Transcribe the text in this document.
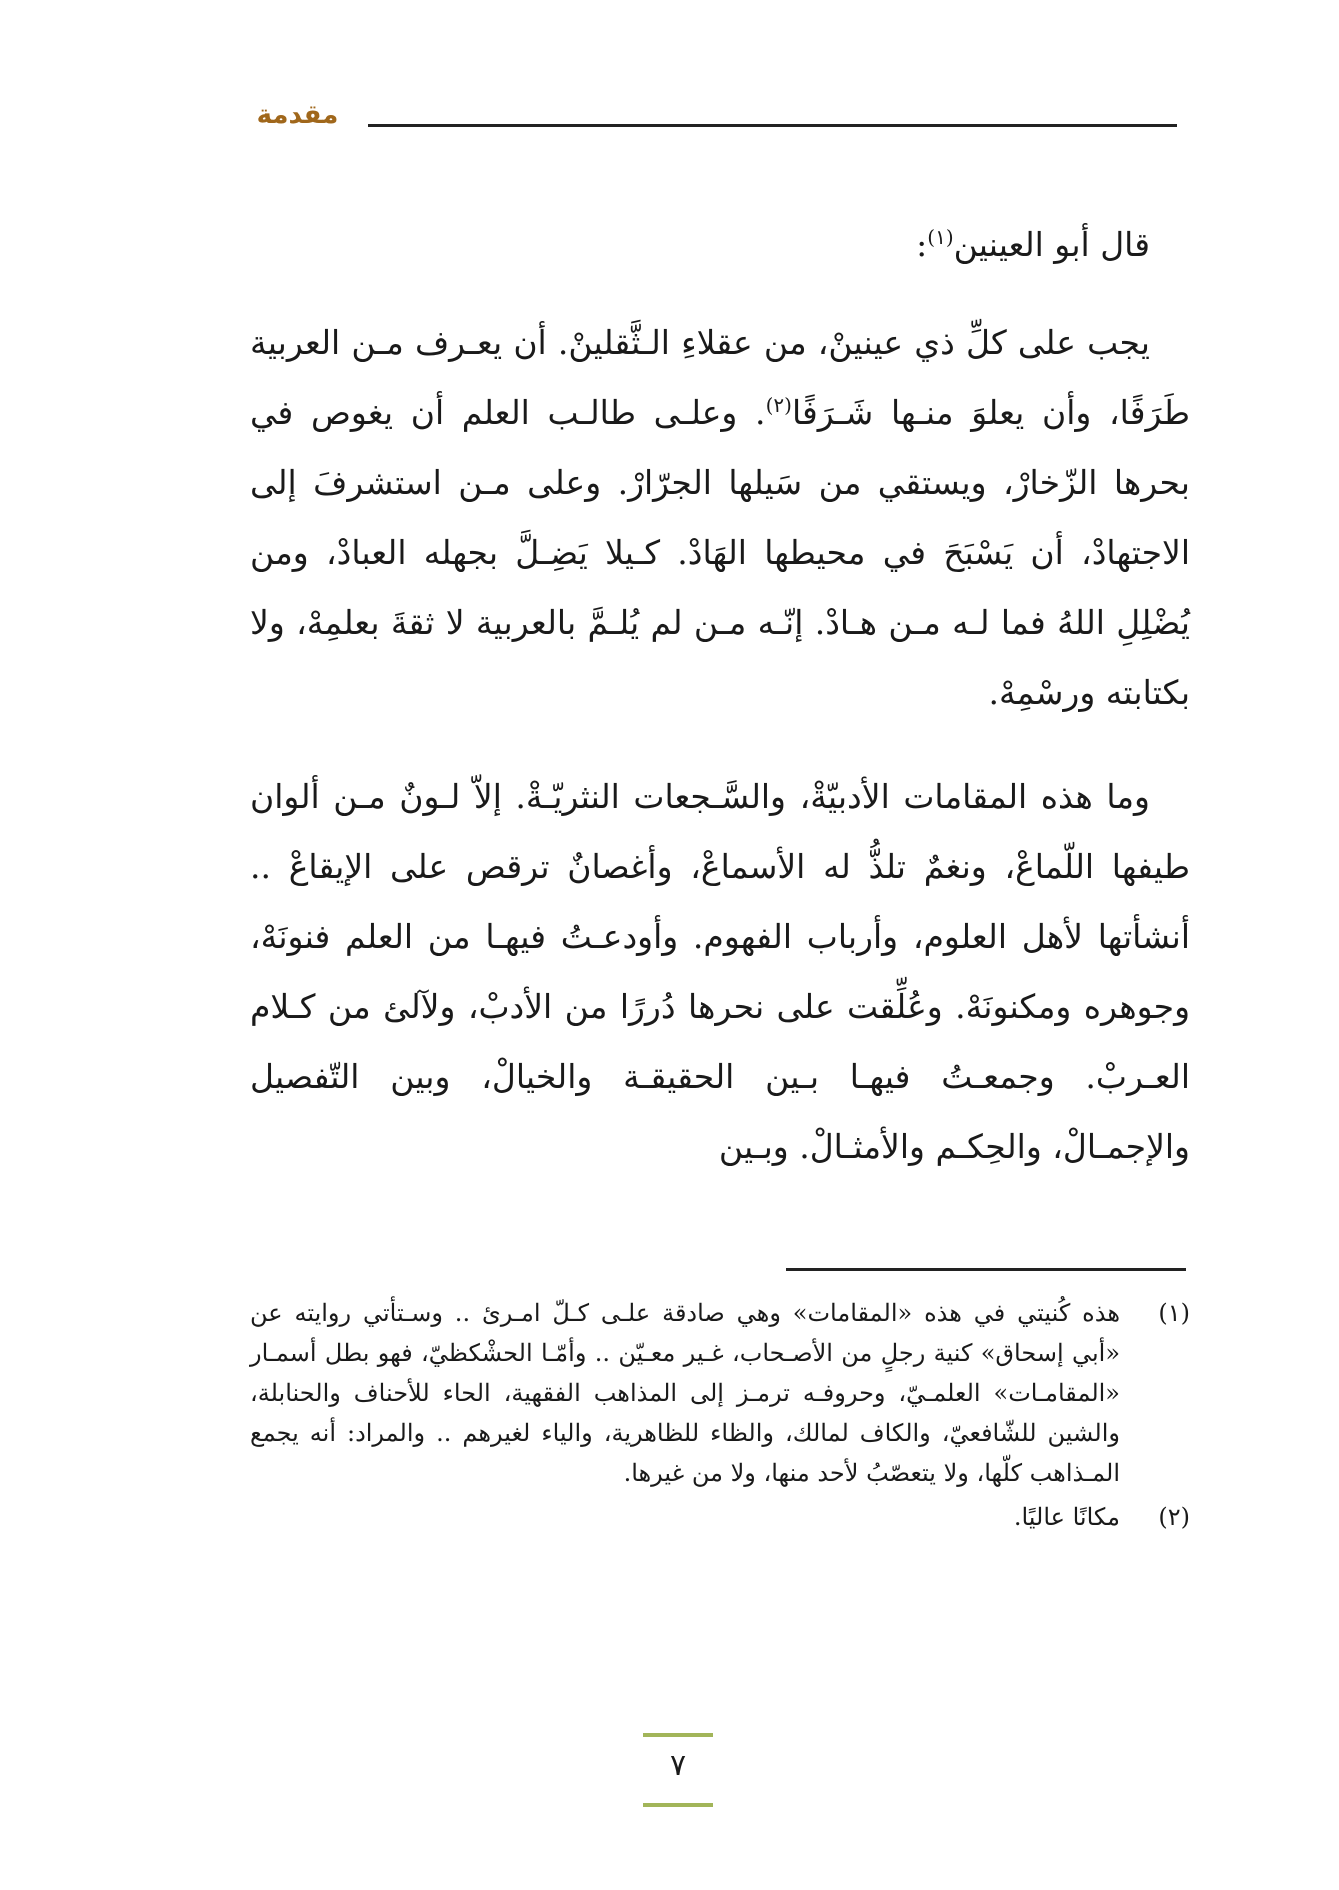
مقدمة

قال أبو العينين$^{(١)}$:

يجب على كلِّ ذي عينينْ، من عقلاءِ الـثَّقلينْ. أن يعـرف مـن العربية طَرَفًا، وأن يعلوَ منـها شَـرَفًا$^{(٢)}$. وعلـى طالـب العلم أن يغوص في بحرها الزّخارْ، ويستقي من سَيلها الجرّارْ. وعلى مـن استشرفَ إلى الاجتهادْ، أن يَسْبَحَ في محيطها الهَادْ. كـيلا يَضِـلَّ بجهله العبادْ، ومن يُضْلِلِ اللهُ فما لـه مـن هـادْ. إنّـه مـن لم يُلـمَّ بالعربية لا ثقةَ بعلمِهْ، ولا بكتابته ورسْمِهْ.

وما هذه المقامات الأدبيّةْ، والسَّـجعات النثريّـةْ. إلاّ لـونٌ مـن ألوان طيفها اللّماعْ، ونغمٌ تلذُّ له الأسماعْ، وأغصانٌ ترقص على الإيقاعْ .. أنشأتها لأهل العلوم، وأرباب الفهوم. وأودعـتُ فيهـا من العلم فنونَهْ، وجوهره ومكنونَهْ. وعُلِّقت على نحرها دُررًا من الأدبْ، ولآلئ من كـلام العـربْ. وجمعـتُ فيهـا بـين الحقيقـة والخيالْ، وبين التّفصيل والإجمـالْ، والحِكـم والأمثـالْ. وبـين

(١)
هذه كُنيتي في هذه «المقامات» وهي صادقة علـى كـلّ امـرئ .. وسـتأتي روايته عن «أبي إسحاق» كنية رجلٍ من الأصـحاب، غـير معـيّن .. وأمّـا الحشْكظيّ، فهو بطل أسمـار «المقامـات» العلمـيّ، وحروفـه ترمـز إلى المذاهب الفقهية، الحاء للأحناف والحنابلة، والشين للشّافعيّ، والكاف لمالك، والظاء للظاهرية، والياء لغيرهم .. والمراد: أنه يجمع المـذاهب كلّها، ولا يتعصّبُ لأحد منها، ولا من غيرها.
(٢)
مكانًا عاليًا.
٧
